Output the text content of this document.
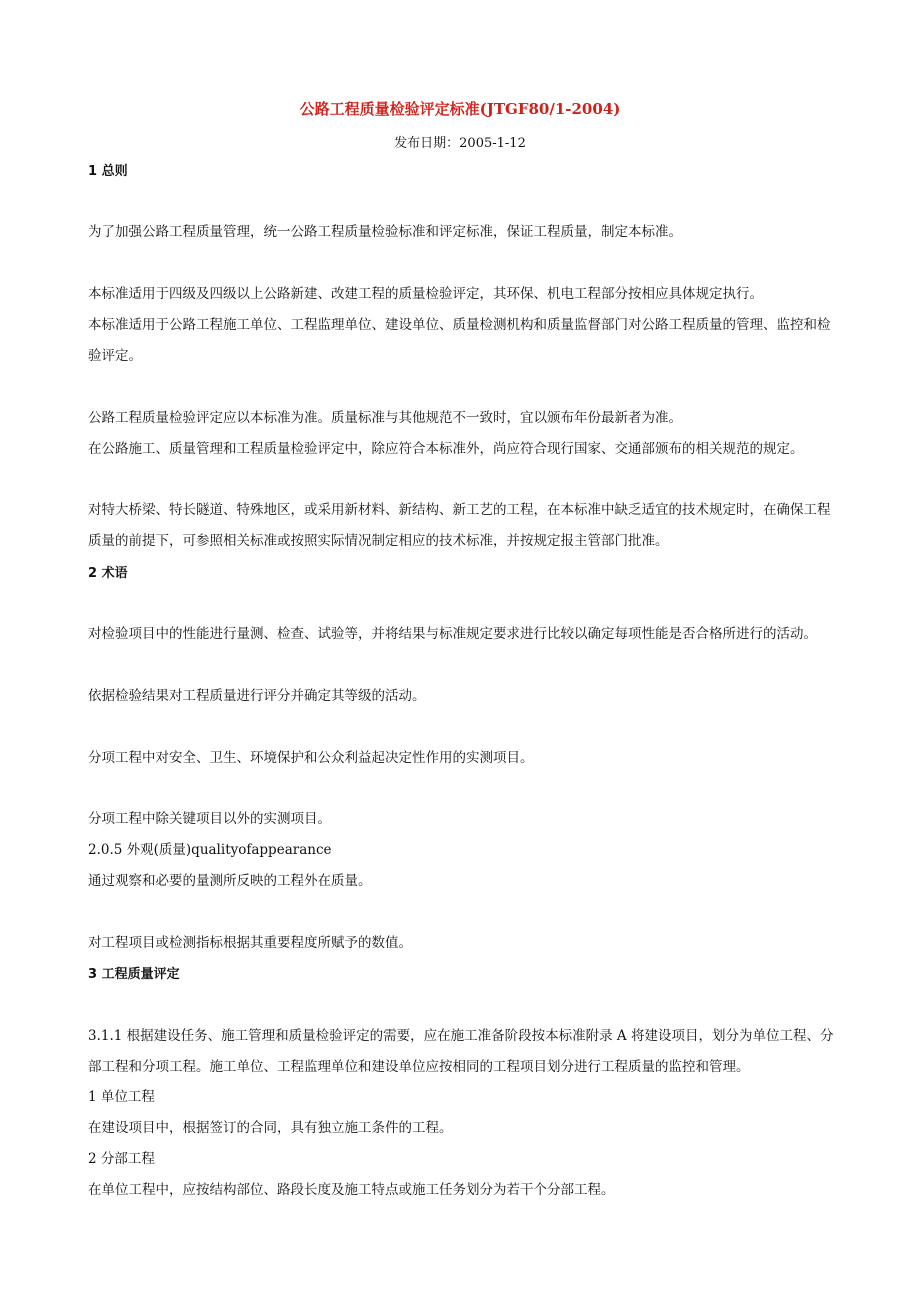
公路工程质量检验评定标准(JTGF80/1-2004)
发布日期：2005-1-12
1 总则
为了加强公路工程质量管理，统一公路工程质量检验标准和评定标准，保证工程质量，制定本标准。
本标准适用于四级及四级以上公路新建、改建工程的质量检验评定，其环保、机电工程部分按相应具体规定执行。
本标准适用于公路工程施工单位、工程监理单位、建设单位、质量检测机构和质量监督部门对公路工程质量的管理、监控和检
验评定。
公路工程质量检验评定应以本标准为准。质量标准与其他规范不一致时，宜以颁布年份最新者为准。
在公路施工、质量管理和工程质量检验评定中，除应符合本标准外，尚应符合现行国家、交通部颁布的相关规范的规定。
对特大桥梁、特长隧道、特殊地区，或采用新材料、新结构、新工艺的工程，在本标准中缺乏适宜的技术规定时，在确保工程
质量的前提下，可参照相关标准或按照实际情况制定相应的技术标准，并按规定报主管部门批准。
2 术语
对检验项目中的性能进行量测、检查、试验等，并将结果与标准规定要求进行比较以确定每项性能是否合格所进行的活动。
依据检验结果对工程质量进行评分并确定其等级的活动。
分项工程中对安全、卫生、环境保护和公众利益起决定性作用的实测项目。
分项工程中除关键项目以外的实测项目。
2.0.5 外观(质量)qualityofappearance
通过观察和必要的量测所反映的工程外在质量。
对工程项目或检测指标根据其重要程度所赋予的数值。
3 工程质量评定
3.1.1 根据建设任务、施工管理和质量检验评定的需要，应在施工准备阶段按本标准附录 A 将建设项目，划分为单位工程、分
部工程和分项工程。施工单位、工程监理单位和建设单位应按相同的工程项目划分进行工程质量的监控和管理。
1 单位工程
在建设项目中，根据签订的合同，具有独立施工条件的工程。
2 分部工程
在单位工程中，应按结构部位、路段长度及施工特点或施工任务划分为若干个分部工程。
